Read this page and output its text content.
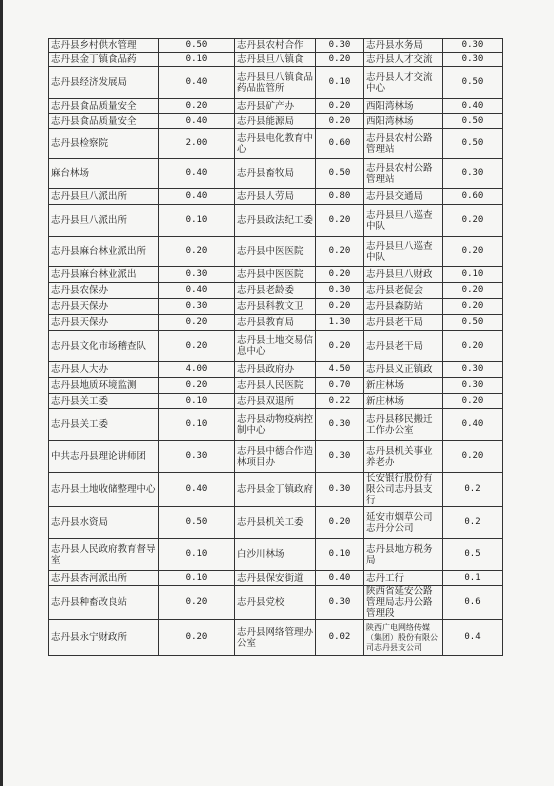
志丹县乡村供水管理	0.50	志丹县农村合作	0.30	志丹县水务局	0.30
志丹县金丁镇食品药	0.10	志丹县旦八镇食	0.20	志丹县人才交流	0.30
志丹县经济发展局	0.40	志丹县旦八镇食品药品监管所	0.10	志丹县人才交流中心	0.50
志丹县食品质量安全	0.20	志丹县矿产办	0.20	西阳湾林场	0.40
志丹县食品质量安全	0.40	志丹县能源局	0.20	西阳湾林场	0.50
志丹县检察院	2.00	志丹县电化教育中心	0.60	志丹县农村公路管理站	0.50
麻台林场	0.40	志丹县畜牧局	0.50	志丹县农村公路管理站	0.30
志丹县旦八派出所	0.40	志丹县人劳局	0.80	志丹县交通局	0.60
志丹县旦八派出所	0.10	志丹县政法纪工委	0.20	志丹县旦八巡查中队	0.20
志丹县麻台林业派出所	0.20	志丹县中医医院	0.20	志丹县旦八巡查中队	0.20
志丹县麻台林业派出	0.30	志丹县中医医院	0.20	志丹县旦八财政	0.10
志丹县农保办	0.40	志丹县老龄委	0.30	志丹县老促会	0.20
志丹县天保办	0.30	志丹县科教文卫	0.20	志丹县森防站	0.20
志丹县天保办	0.20	志丹县教育局	1.30	志丹县老干局	0.50
志丹县文化市场稽查队	0.20	志丹县土地交易信息中心	0.20	志丹县老干局	0.20
志丹县人大办	4.00	志丹县政府办	4.50	志丹县义正镇政	0.30
志丹县地质环境监测	0.20	志丹县人民医院	0.70	新庄林场	0.30
志丹县关工委	0.10	志丹县双退所	0.22	新庄林场	0.20
志丹县关工委	0.10	志丹县动物疫病控制中心	0.30	志丹县移民搬迁工作办公室	0.40
中共志丹县理论讲师团	0.30	志丹县中德合作造林项目办	0.30	志丹县机关事业养老办	0.20
志丹县土地收储整理中心	0.40	志丹县金丁镇政府	0.30	长安银行股份有限公司志丹县支行	0.2
志丹县水资局	0.50	志丹县机关工委	0.20	延安市烟草公司志丹分公司	0.2
志丹县人民政府教育督导室	0.10	白沙川林场	0.10	志丹县地方税务局	0.5
志丹县杏河派出所	0.10	志丹县保安街道	0.40	志丹工行	0.1
志丹县种畜改良站	0.20	志丹县党校	0.30	陕西省延安公路管理局志丹公路管理段	0.6
志丹县永宁财政所	0.20	志丹县网络管理办公室	0.02	陕西广电网络传媒（集团）股份有限公司志丹县支公司	0.4
